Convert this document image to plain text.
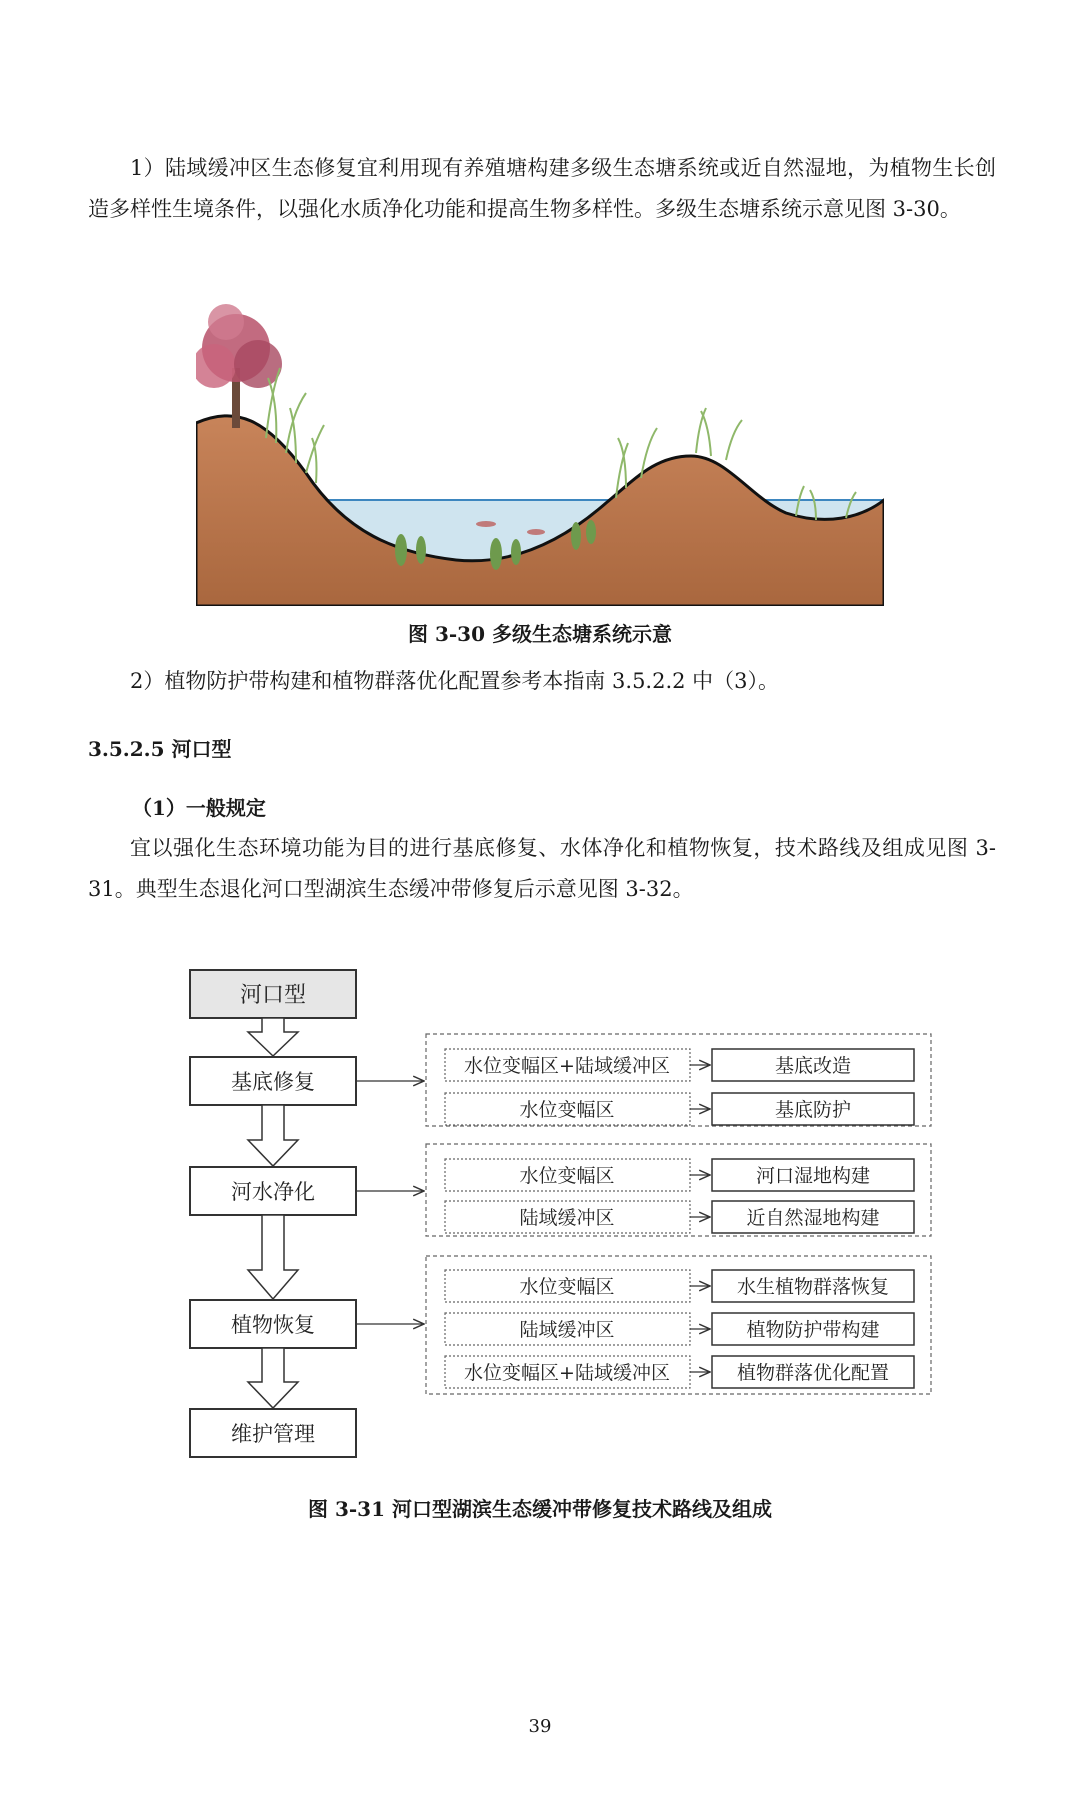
1）陆域缓冲区生态修复宜利用现有养殖塘构建多级生态塘系统或近自然湿地，为植物生长创造多样性生境条件，以强化水质净化功能和提高生物多样性。多级生态塘系统示意见图 3-30。
图 3-30 多级生态塘系统示意
2）植物防护带构建和植物群落优化配置参考本指南 3.5.2.2 中（3）。
3.5.2.5 河口型
（1）一般规定
宜以强化生态环境功能为目的进行基底修复、水体净化和植物恢复，技术路线及组成见图 3-31。典型生态退化河口型湖滨生态缓冲带修复后示意见图 3-32。
河口型
基底修复
河水净化
植物恢复
维护管理
水位变幅区+陆域缓冲区	基底改造
水位变幅区	基底防护
水位变幅区	河口湿地构建
陆域缓冲区	近自然湿地构建
水位变幅区	水生植物群落恢复
陆域缓冲区	植物防护带构建
水位变幅区+陆域缓冲区	植物群落优化配置
图 3-31 河口型湖滨生态缓冲带修复技术路线及组成
39
